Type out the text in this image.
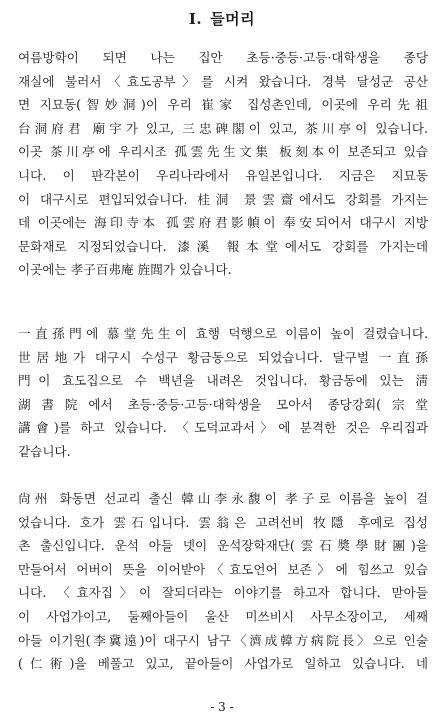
I. 들머리
여름방학이 되면 나는 집안 초등·중등·고등·대학생을 종당
재실에 불러서〈효도공부〉를 시켜 왔습니다. 경북 달성군 공산
면 지묘동(智妙洞)이 우리 崔家 집성촌인데, 이곳에 우리先祖
台洞府君 廟宇가 있고, 三忠碑閣이 있고, 茶川亭이 있습니다.
이곳 茶川亭에 우리시조 孤雲先生文集 板刻本이 보존되고 있습
니다. 이 판각본이 우리나라에서 유일본입니다. 지금은 지묘동
이 대구시로 편입되었습니다. 桂洞 景雲齋에서도 강회를 가지는
데 이곳에는 海印寺本 孤雲府君影幀이 奉安되어서 대구시 지방
문화재로 지정되었습니다. 漆溪 報本堂에서도 강회를 가지는데
이곳에는 孝子百弗庵 旌閭가 있습니다.
一直孫門에 慕堂先生이 효행 덕행으로 이름이 높이 걸렸습니다.
世居地가 대구시 수성구 황금동으로 되었습니다. 달구벌 一直孫
門이 효도집으로 수 백년을 내려온 것입니다. 황금동에 있는 淸
湖書院에서 초등·중등·고등·대학생을 모아서 종당강회(宗堂
講會)를 하고 있습니다. 〈도덕교과서〉에 분격한 것은 우리집과
같습니다.
尙州 화동면 선교리 출신 韓山李永馥이 孝子로 이름을 높이 걸
었습니다. 호가 雲石입니다. 雲翁은 고려선비 牧隱 후예로 집성
촌 출신입니다. 운석 아들 넷이 운석장학재단(雲石奬學財團)을
만들어서 어버이 뜻을 이어받아〈효도언어 보존〉에 힘쓰고 있습
니다. 〈효자집〉이 잘되더라는 이야기를 하고자 합니다. 맏아들
이 사업가이고, 둘째아들이 울산 미쓰비시 사무소장이고, 세째
아들 이기원(李冀遠)이 대구시 남구〈濟成韓方病院長〉으로 인술
(仁術)을 베풀고 있고, 끝아들이 사업가로 일하고 있습니다. 네
- 3 -
